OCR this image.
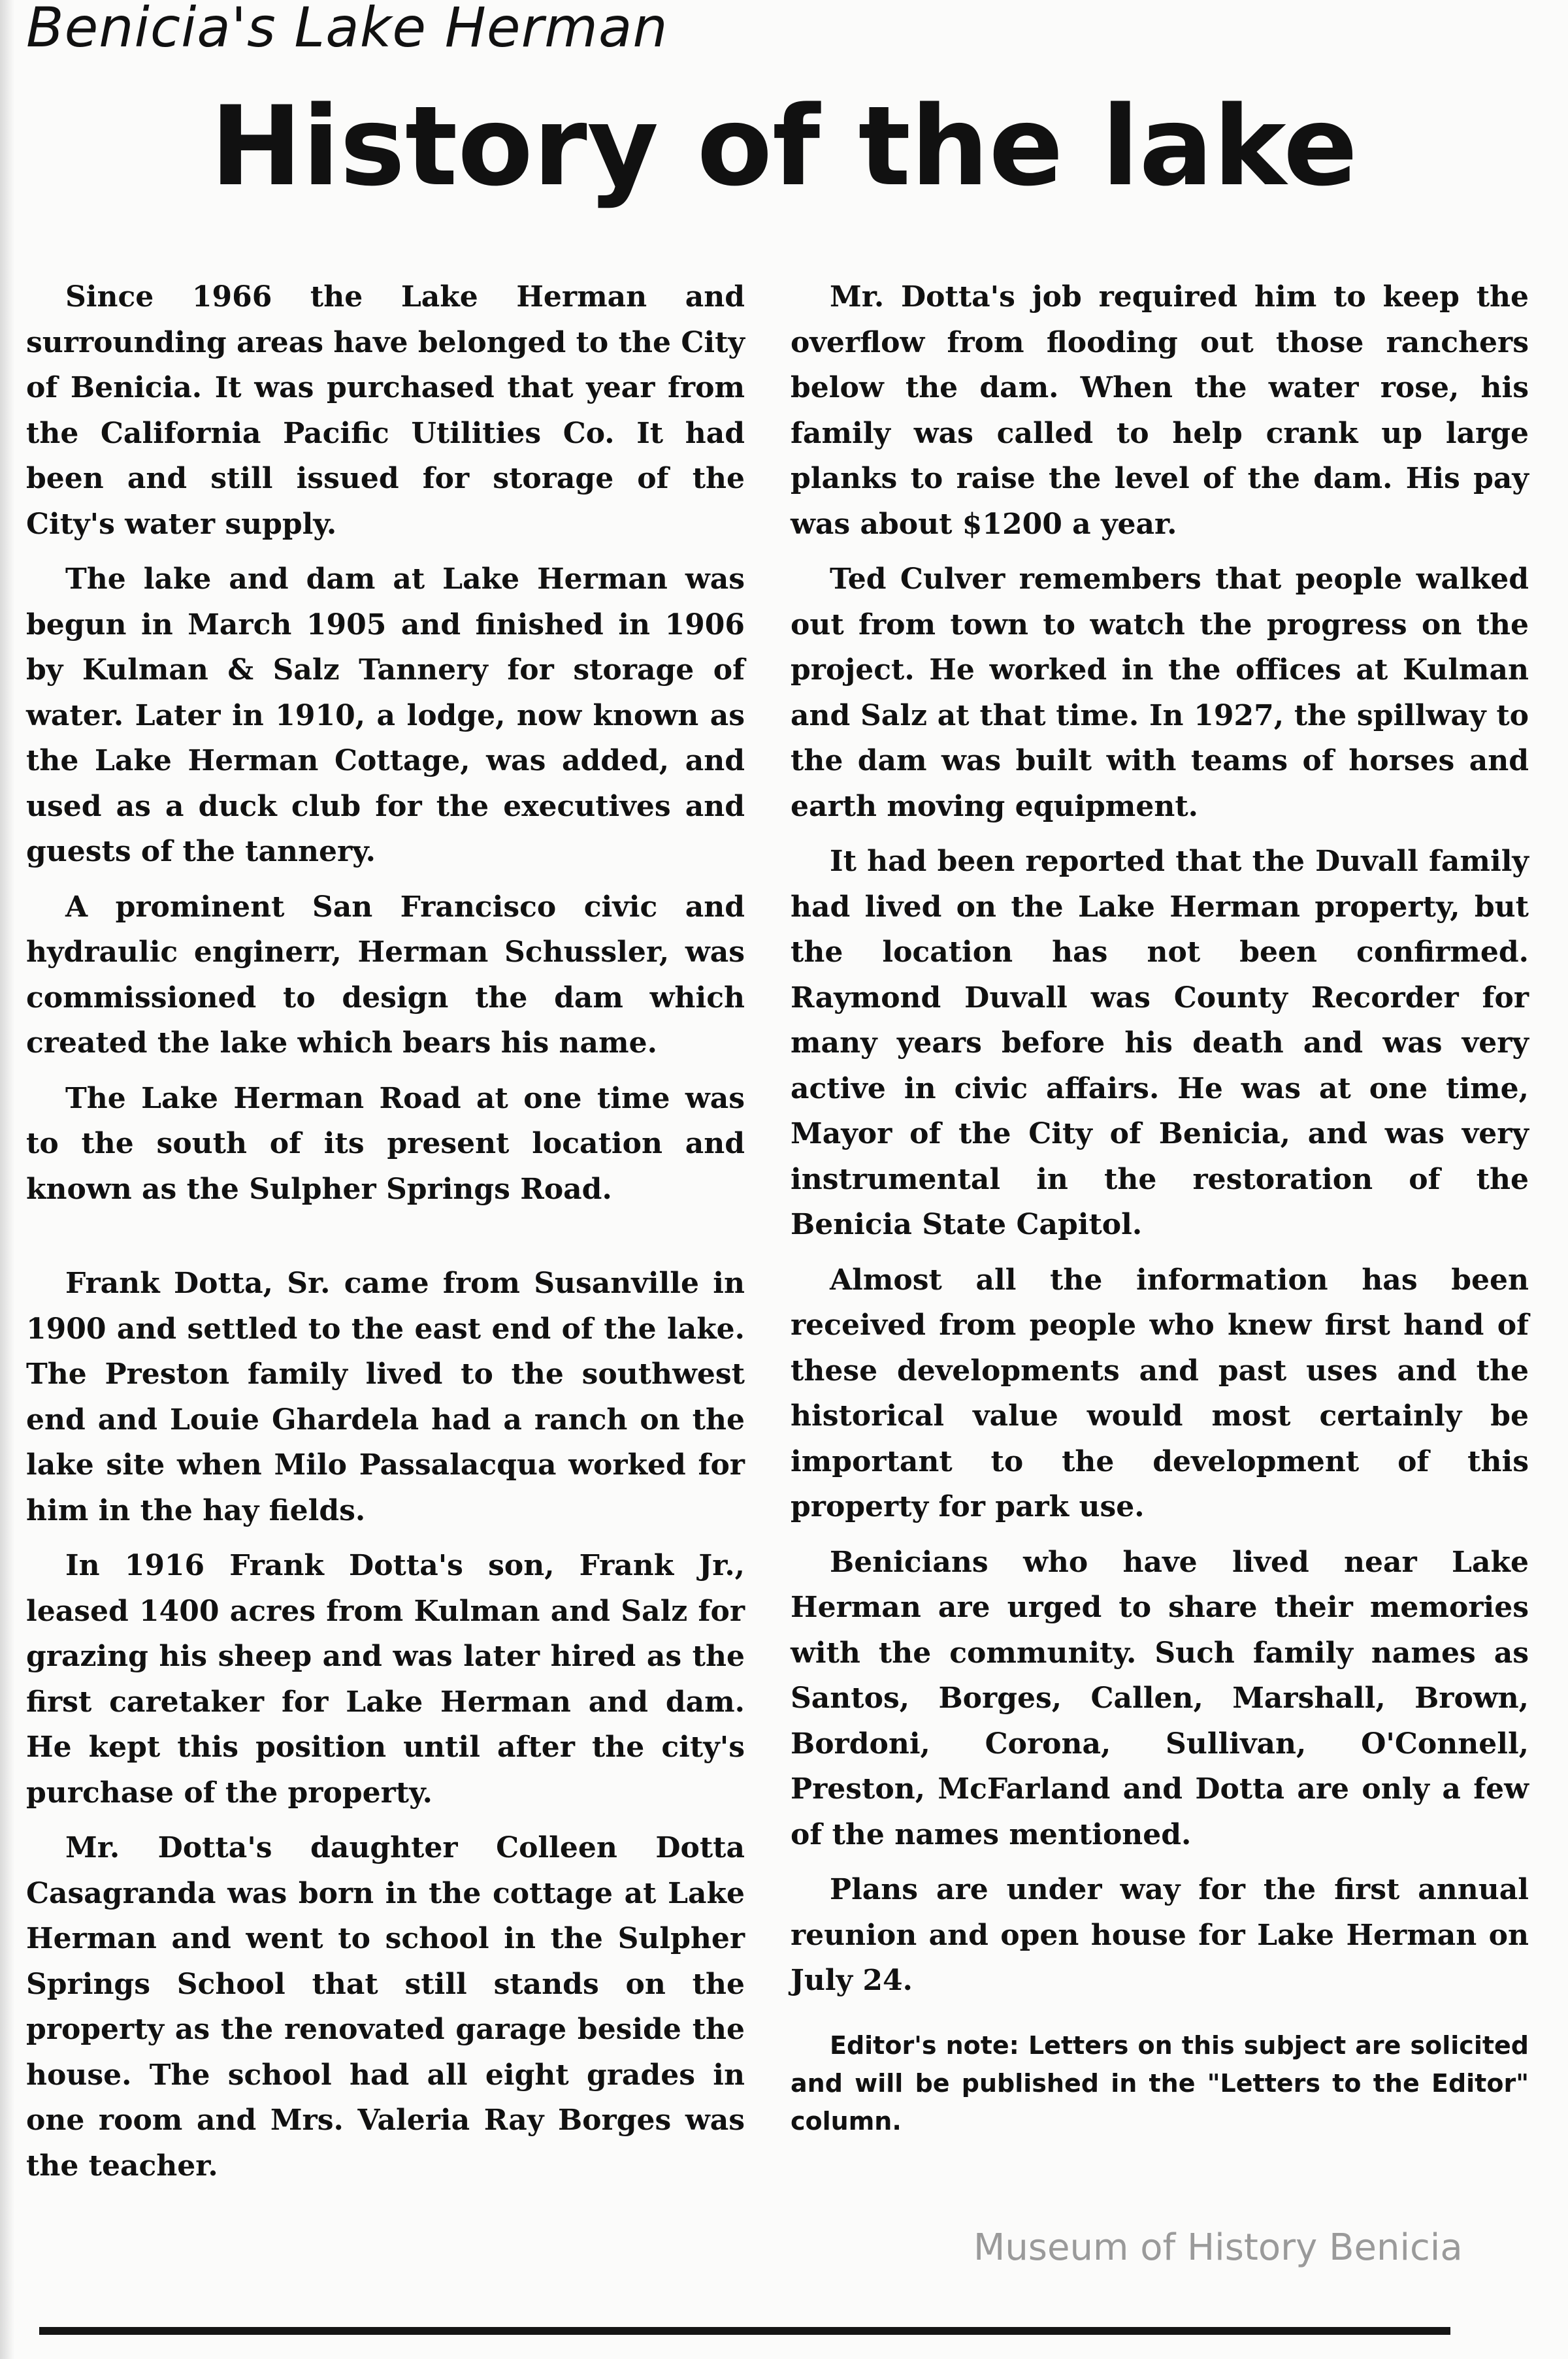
Benicia's Lake Herman
History of the lake

Since 1966 the Lake Herman and surrounding areas have belonged to the City of Benicia. It was purchased that year from the California Pacific Utilities Co. It had been and still issued for storage of the City's water supply.

The lake and dam at Lake Herman was begun in March 1905 and finished in 1906 by Kulman & Salz Tannery for storage of water. Later in 1910, a lodge, now known as the Lake Herman Cottage, was added, and used as a duck club for the executives and guests of the tannery.

A prominent San Francisco civic and hydraulic enginerr, Herman Schussler, was commissioned to design the dam which created the lake which bears his name.

The Lake Herman Road at one time was to the south of its present location and known as the Sulpher Springs Road.

Frank Dotta, Sr. came from Susanville in 1900 and settled to the east end of the lake. The Preston family lived to the southwest end and Louie Ghardela had a ranch on the lake site when Milo Passalacqua worked for him in the hay fields.

In 1916 Frank Dotta's son, Frank Jr., leased 1400 acres from Kulman and Salz for grazing his sheep and was later hired as the first caretaker for Lake Herman and dam. He kept this position until after the city's purchase of the property.

Mr. Dotta's daughter Colleen Dotta Casagranda was born in the cottage at Lake Herman and went to school in the Sulpher Springs School that still stands on the property as the renovated garage beside the house. The school had all eight grades in one room and Mrs. Valeria Ray Borges was the teacher.

Mr. Dotta's job required him to keep the overflow from flooding out those ranchers below the dam. When the water rose, his family was called to help crank up large planks to raise the level of the dam. His pay was about $1200 a year.

Ted Culver remembers that people walked out from town to watch the progress on the project. He worked in the offices at Kulman and Salz at that time. In 1927, the spillway to the dam was built with teams of horses and earth moving equipment.

It had been reported that the Duvall family had lived on the Lake Herman property, but the location has not been confirmed. Raymond Duvall was County Recorder for many years before his death and was very active in civic affairs. He was at one time, Mayor of the City of Benicia, and was very instrumental in the restoration of the Benicia State Capitol.

Almost all the information has been received from people who knew first hand of these developments and past uses and the historical value would most certainly be important to the development of this property for park use.

Benicians who have lived near Lake Herman are urged to share their memories with the community. Such family names as Santos, Borges, Callen, Marshall, Brown, Bordoni, Corona, Sullivan, O'Connell, Preston, McFarland and Dotta are only a few of the names mentioned.

Plans are under way for the first annual reunion and open house for Lake Herman on July 24.

Editor's note: Letters on this subject are solicited and will be published in the "Letters to the Editor" column.

Museum of History Benicia
